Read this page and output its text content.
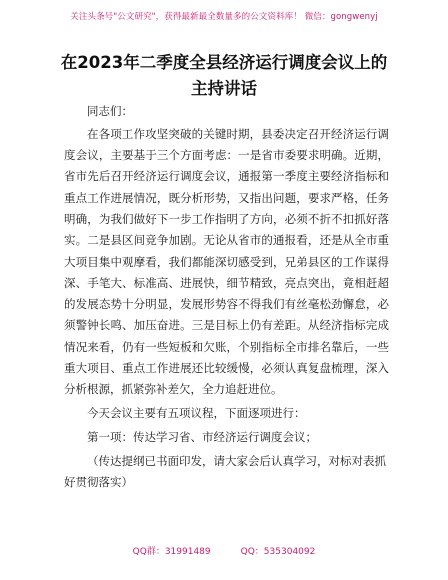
关注头条号"公文研究"，获得最新最全数量多的公文资料库！ 微信：gongwenyj
在2023年二季度全县经济运行调度会议上的主持讲话

同志们：

在各项工作攻坚突破的关键时期，县委决定召开经济运行调度会议，主要基于三个方面考虑：一是省市委要求明确。近期，省市先后召开经济运行调度会议，通报第一季度主要经济指标和重点工作进展情况，既分析形势，又指出问题，要求严格，任务明确，为我们做好下一步工作指明了方向，必须不折不扣抓好落实。二是县区间竞争加剧。无论从省市的通报看，还是从全市重大项目集中观摩看，我们都能深切感受到，兄弟县区的工作谋得深、手笔大、标准高、进展快，细节精致，亮点突出，竟相赶超的发展态势十分明显，发展形势容不得我们有丝毫松劲懈怠，必须警钟长鸣、加压奋进。三是目标上仍有差距。从经济指标完成情况来看，仍有一些短板和欠账，个别指标全市排名靠后，一些重大项目、重点工作进展还比较缓慢，必须认真复盘梳理，深入分析根源，抓紧弥补差欠，全力追赶进位。

今天会议主要有五项议程，下面逐项进行：

第一项：传达学习省、市经济运行调度会议；

（传达提纲已书面印发，请大家会后认真学习，对标对表抓好贯彻落实）

QQ群：31991489	QQ：535304092
